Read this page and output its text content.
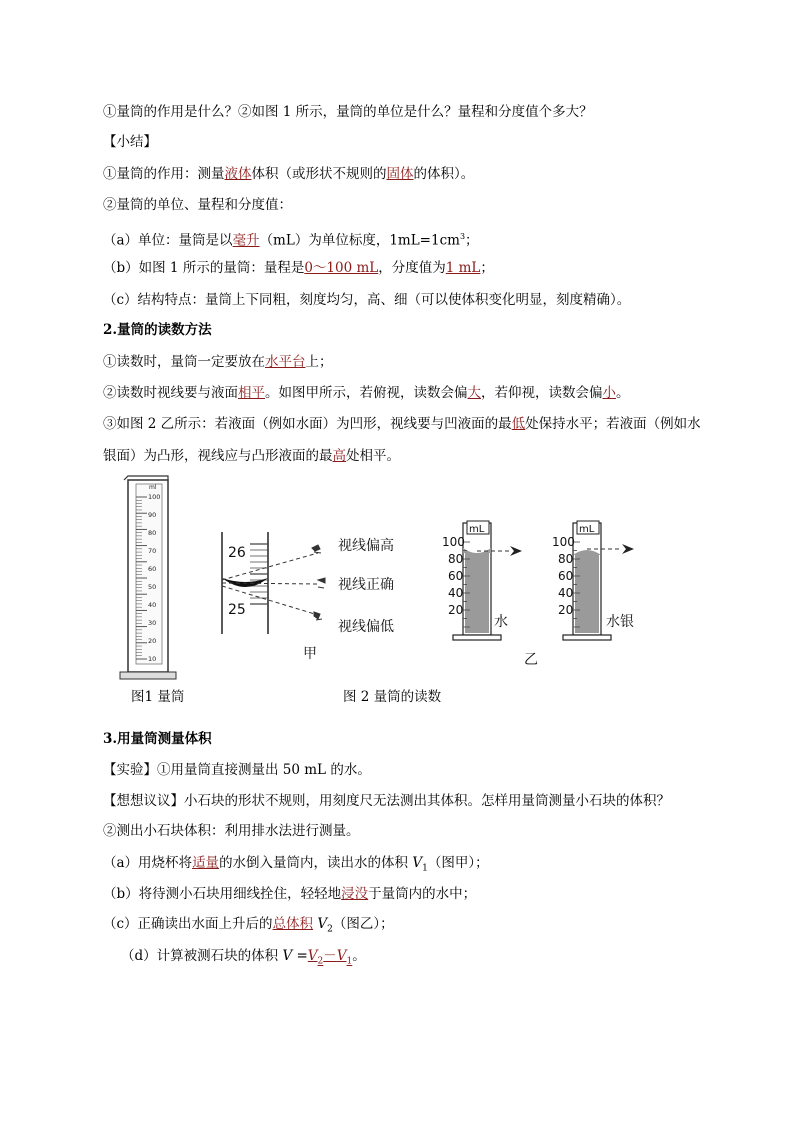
①量筒的作用是什么？②如图 1 所示，量筒的单位是什么？量程和分度值个多大？
【小结】
①量筒的作用：测量液体体积（或形状不规则的固体的体积）。
②量筒的单位、量程和分度值：
（a）单位：量筒是以毫升（mL）为单位标度，$1mL=1cm^3$；
（b）如图 1 所示的量筒：量程是0～100 mL，分度值为1 mL；
（c）结构特点：量筒上下同粗，刻度均匀，高、细（可以使体积变化明显，刻度精确）。
2.量筒的读数方法
①读数时，量筒一定要放在水平台上；
②读数时视线要与液面相平。如图甲所示，若俯视，读数会偏大，若仰视，读数会偏小。
③如图 2 乙所示：若液面（例如水面）为凹形，视线要与凹液面的最低处保持水平；若液面（例如水
银面）为凸形，视线应与凸形液面的最高处相平。
ml
100
90
80
70
60
50
40
30
20
10
26
25
视线偏高
视线正确
视线偏低
甲
mL
100
80
60
40
20
水
mL
100
80
60
40
20
水银
乙
图1 量筒	图 2 量筒的读数
3.用量筒测量体积
【实验】①用量筒直接测量出 50 mL 的水。
【想想议议】小石块的形状不规则，用刻度尺无法测出其体积。怎样用量筒测量小石块的体积？
②测出小石块体积：利用排水法进行测量。
（a）用烧杯将适量的水倒入量筒内，读出水的体积 $V_1$（图甲）；
（b）将待测小石块用细线拴住，轻轻地浸没于量筒内的水中；
（c）正确读出水面上升后的总体积 $V_2$（图乙）；
（d）计算被测石块的体积 $V =V_2-V_1$。
